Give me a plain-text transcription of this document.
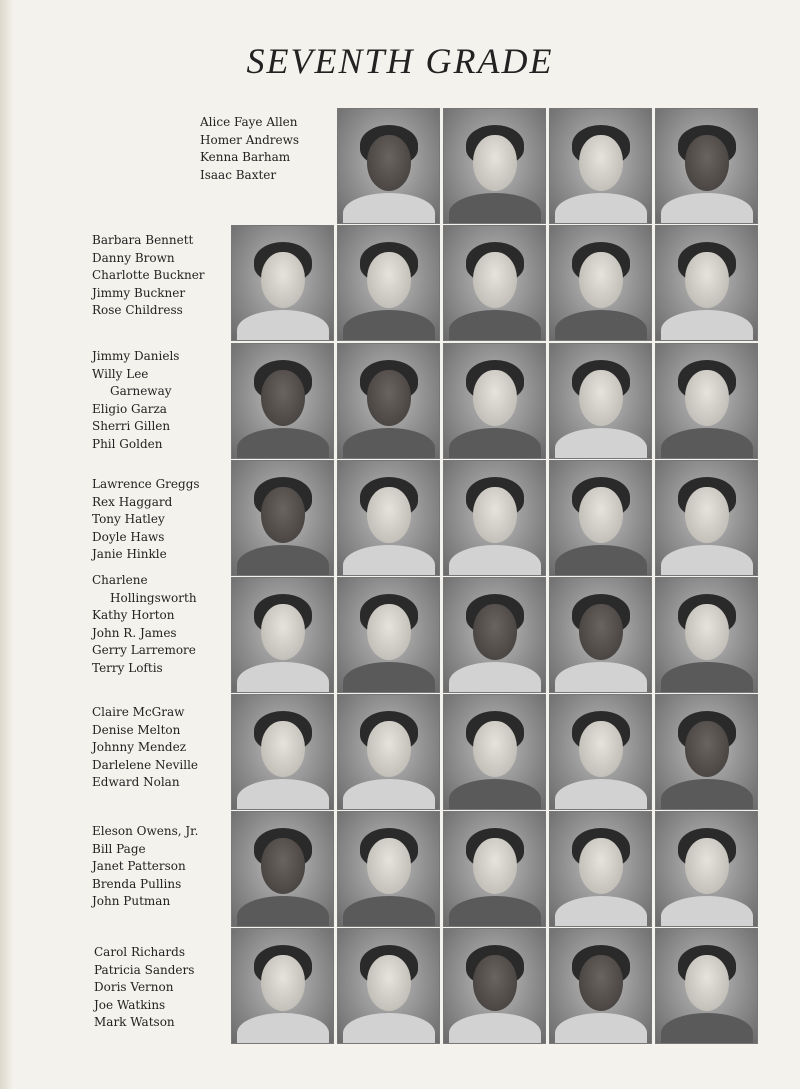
SEVENTH GRADE
Alice Faye Allen
Homer Andrews
Kenna Barham
Isaac Baxter
Barbara Bennett
Danny Brown
Charlotte Buckner
Jimmy Buckner
Rose Childress
Jimmy Daniels
Willy Lee
Garneway
Eligio Garza
Sherri Gillen
Phil Golden
Lawrence Greggs
Rex Haggard
Tony Hatley
Doyle Haws
Janie Hinkle
Charlene
Hollingsworth
Kathy Horton
John R. James
Gerry Larremore
Terry Loftis
Claire McGraw
Denise Melton
Johnny Mendez
Darlelene Neville
Edward Nolan
Eleson Owens, Jr.
Bill Page
Janet Patterson
Brenda Pullins
John Putman
Carol Richards
Patricia Sanders
Doris Vernon
Joe Watkins
Mark Watson
